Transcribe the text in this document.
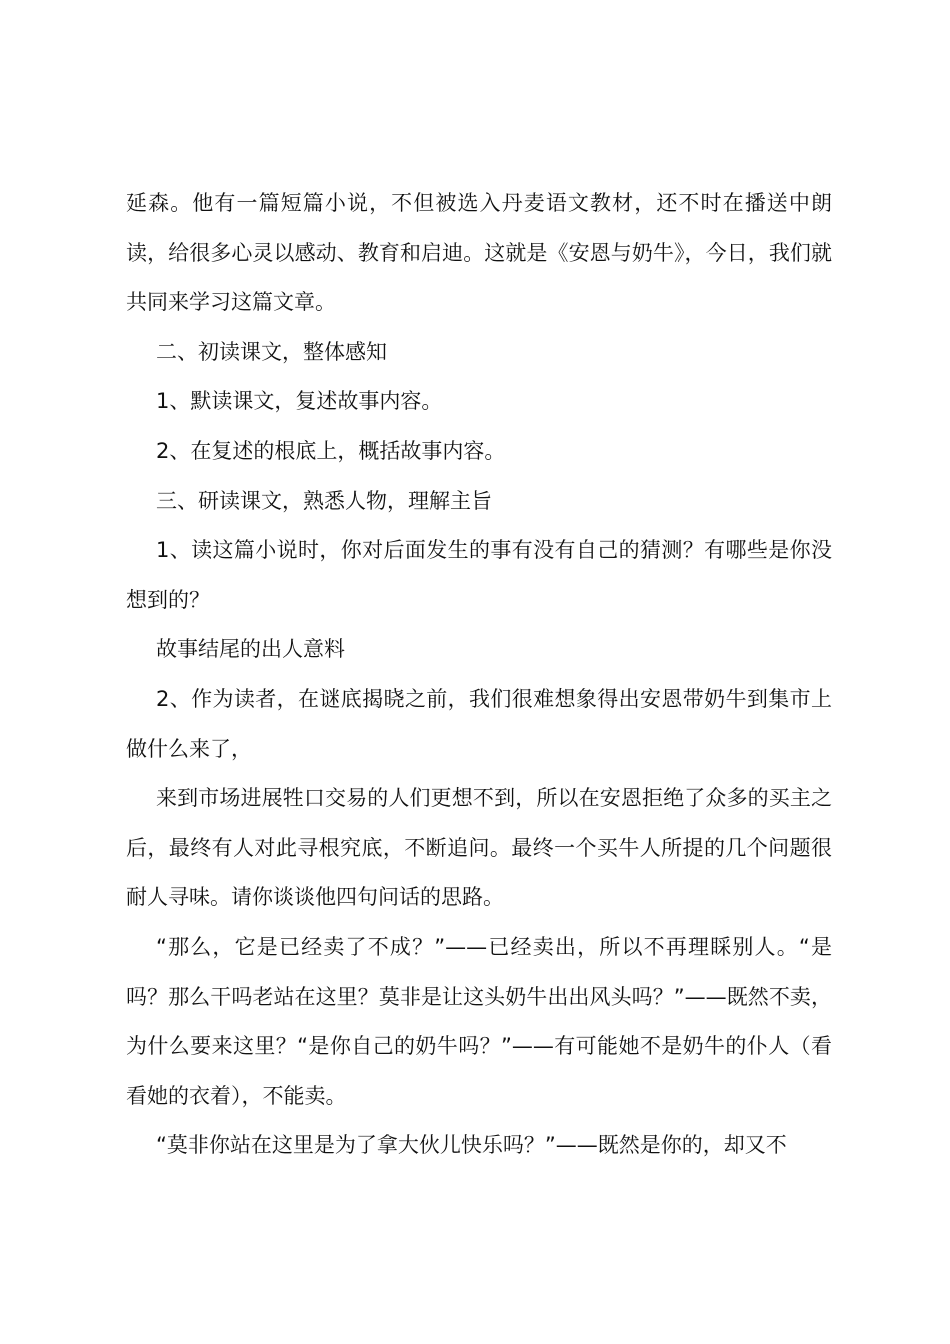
延森。他有一篇短篇小说，不但被选入丹麦语文教材，还不时在播送中朗读，给很多心灵以感动、教育和启迪。这就是《安恩与奶牛》，今日，我们就共同来学习这篇文章。

二、初读课文，整体感知

1、默读课文，复述故事内容。

2、在复述的根底上，概括故事内容。

三、研读课文，熟悉人物，理解主旨

1、读这篇小说时，你对后面发生的事有没有自己的猜测？有哪些是你没想到的？

故事结尾的出人意料

2、作为读者，在谜底揭晓之前，我们很难想象得出安恩带奶牛到集市上做什么来了，

来到市场进展牲口交易的人们更想不到，所以在安恩拒绝了众多的买主之后，最终有人对此寻根究底，不断追问。最终一个买牛人所提的几个问题很耐人寻味。请你谈谈他四句问话的思路。

“那么，它是已经卖了不成？”——已经卖出，所以不再理睬别人。“是吗？那么干吗老站在这里？莫非是让这头奶牛出出风头吗？”——既然不卖，为什么要来这里？“是你自己的奶牛吗？”——有可能她不是奶牛的仆人（看看她的衣着），不能卖。

“莫非你站在这里是为了拿大伙儿快乐吗？”——既然是你的，却又不
